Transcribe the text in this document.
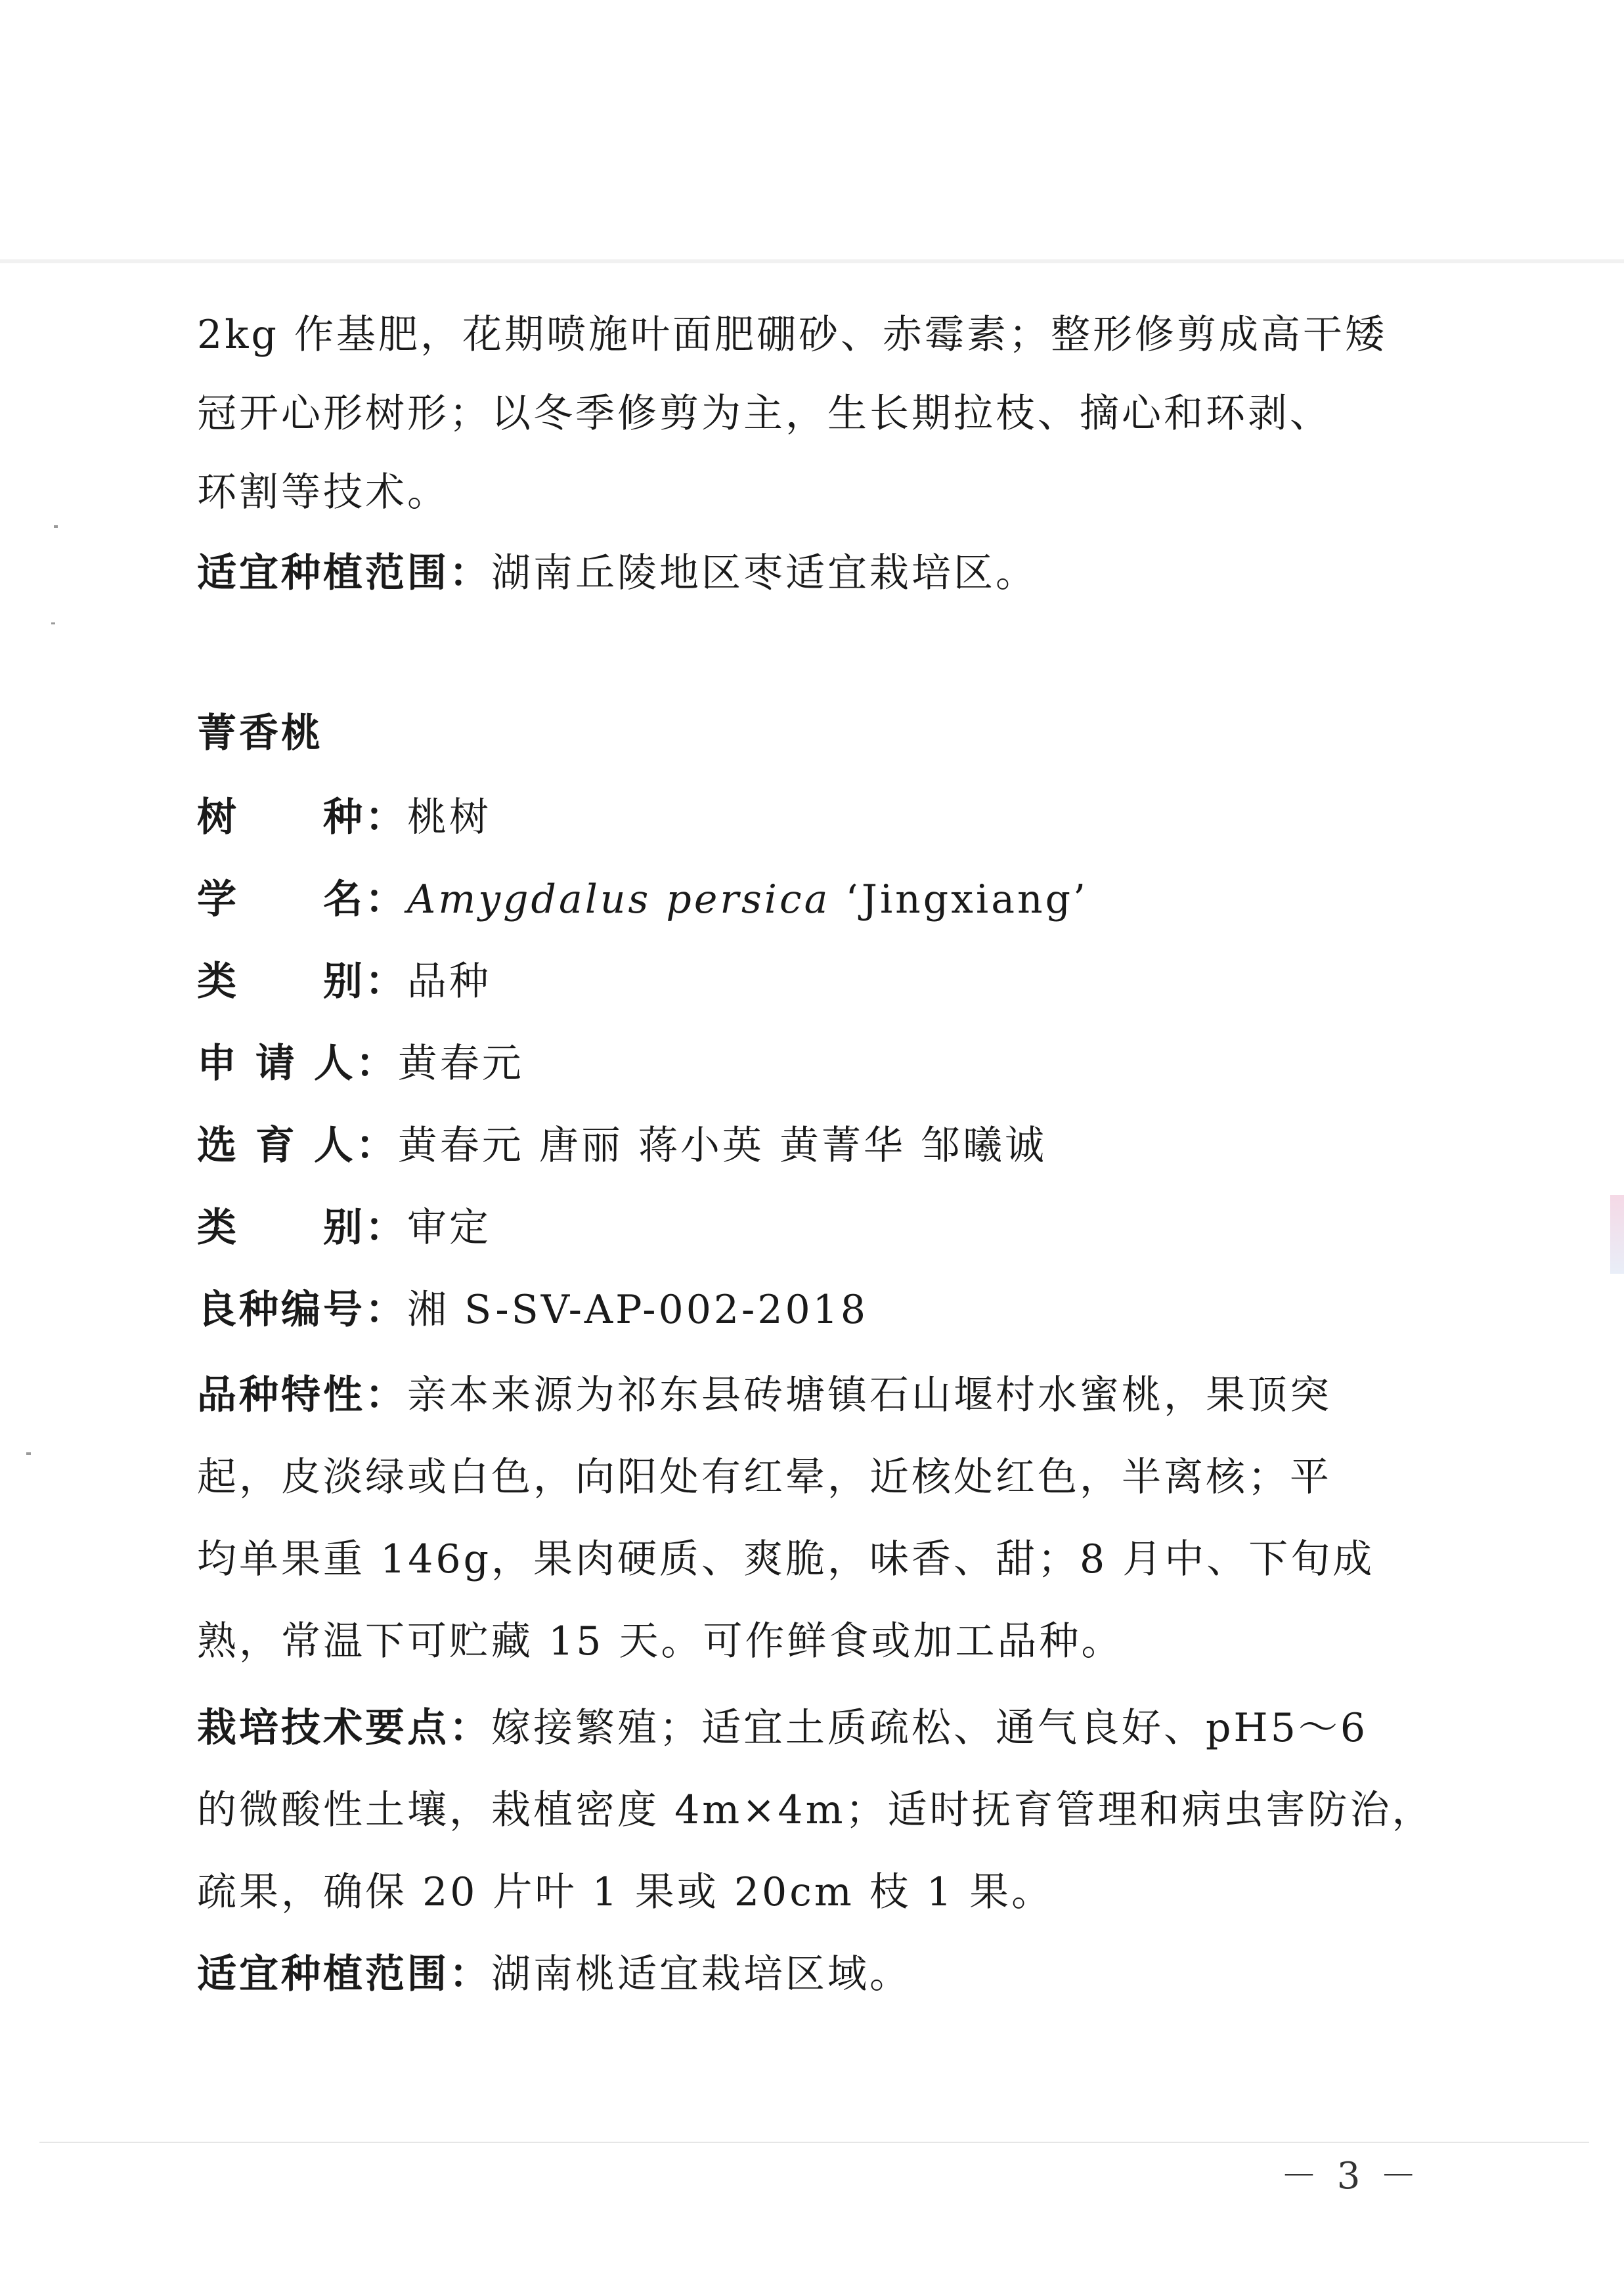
2kg 作基肥，花期喷施叶面肥硼砂、赤霉素；整形修剪成高干矮
冠开心形树形；以冬季修剪为主，生长期拉枝、摘心和环剥、
环割等技术。
适宜种植范围：湖南丘陵地区枣适宜栽培区。
菁香桃
树　　种：桃树
学　　名：Amygdalus persica ‘Jingxiang’
类　　别：品种
申 请 人：黄春元
选 育 人：黄春元 唐丽 蒋小英 黄菁华 邹曦诚
类　　别：审定
良种编号：湘 S-SV-AP-002-2018
品种特性：亲本来源为祁东县砖塘镇石山堰村水蜜桃，果顶突
起，皮淡绿或白色，向阳处有红晕，近核处红色，半离核；平
均单果重 146g，果肉硬质、爽脆，味香、甜；8 月中、下旬成
熟，常温下可贮藏 15 天。可作鲜食或加工品种。
栽培技术要点：嫁接繁殖；适宜土质疏松、通气良好、pH5～6
的微酸性土壤，栽植密度 4m×4m；适时抚育管理和病虫害防治，
疏果，确保 20 片叶 1 果或 20cm 枝 1 果。
适宜种植范围：湖南桃适宜栽培区域。
－ 3 －
